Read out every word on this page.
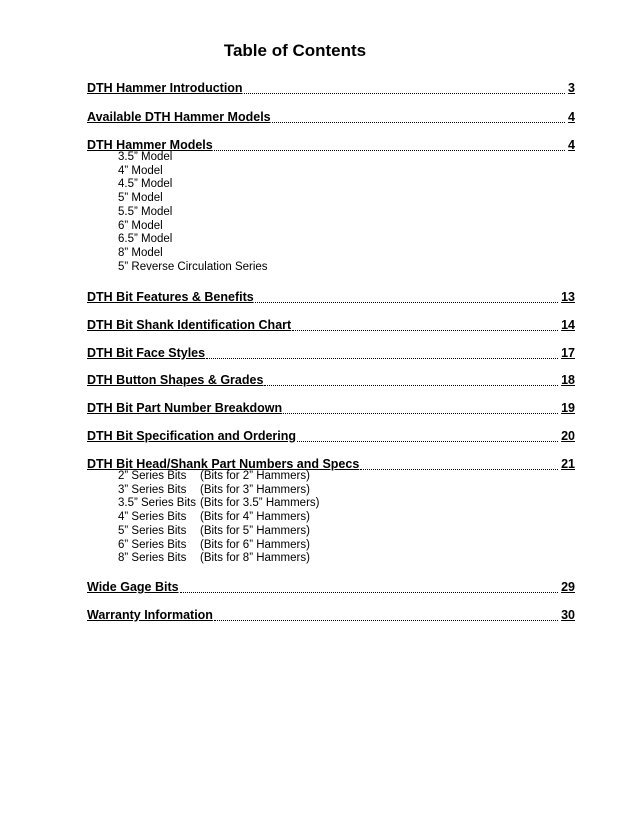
Table of Contents
DTH Hammer Introduction	3
Available DTH Hammer Models	4
DTH Hammer Models	4
3.5” Model
4” Model
4.5” Model
5” Model
5.5” Model
6” Model
6.5” Model
8” Model
5” Reverse Circulation Series
DTH Bit Features & Benefits	13
DTH Bit Shank Identification Chart	14
DTH Bit Face Styles	17
DTH Button Shapes & Grades	18
DTH Bit Part Number Breakdown	19
DTH Bit Specification and Ordering	20
DTH Bit Head/Shank Part Numbers and Specs	21
2” Series Bits	(Bits for 2” Hammers)
3” Series Bits	(Bits for 3” Hammers)
3.5” Series Bits (Bits for 3.5” Hammers)
4” Series Bits	(Bits for 4” Hammers)
5” Series Bits	(Bits for 5” Hammers)
6” Series Bits	(Bits for 6” Hammers)
8” Series Bits	(Bits for 8” Hammers)
Wide Gage Bits	29
Warranty Information	30
